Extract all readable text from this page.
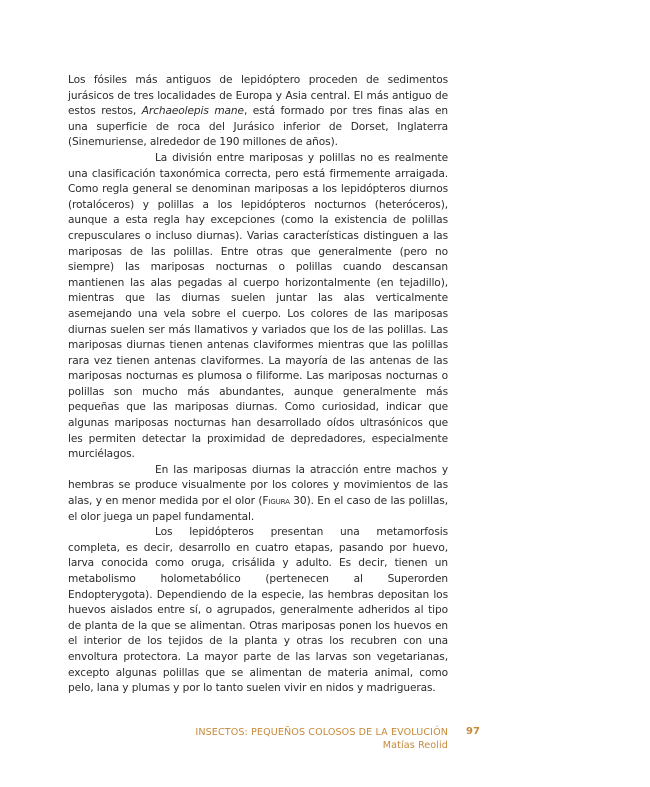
Los fósiles más antiguos de lepidóptero proceden de sedimentos jurásicos de tres localidades de Europa y Asia central. El más antiguo de estos restos, Archaeolepis mane, está formado por tres finas alas en una superficie de roca del Jurásico inferior de Dorset, Inglaterra (Sinemuriense, alrededor de 190 millones de años).

La división entre mariposas y polillas no es realmente una clasificación taxonómica correcta, pero está firmemente arraigada. Como regla general se denominan mariposas a los lepidópteros diurnos (rotalóceros) y polillas a los lepidópteros nocturnos (heteróceros), aunque a esta regla hay excepciones (como la existencia de polillas crepusculares o incluso diurnas). Varias características distinguen a las mariposas de las polillas. Entre otras que generalmente (pero no siempre) las mariposas nocturnas o polillas cuando descansan mantienen las alas pegadas al cuerpo horizontalmente (en tejadillo), mientras que las diurnas suelen juntar las alas verticalmente asemejando una vela sobre el cuerpo. Los colores de las mariposas diurnas suelen ser más llamativos y variados que los de las polillas. Las mariposas diurnas tienen antenas claviformes mientras que las polillas rara vez tienen antenas claviformes. La mayoría de las antenas de las mariposas nocturnas es plumosa o filiforme. Las mariposas nocturnas o polillas son mucho más abundantes, aunque generalmente más pequeñas que las mariposas diurnas. Como curiosidad, indicar que algunas mariposas nocturnas han desarrollado oídos ultrasónicos que les permiten detectar la proximidad de depredadores, especialmente murciélagos.

En las mariposas diurnas la atracción entre machos y hembras se produce visualmente por los colores y movimientos de las alas, y en menor medida por el olor (Figura 30). En el caso de las polillas, el olor juega un papel fundamental.

Los lepidópteros presentan una metamorfosis completa, es decir, desarrollo en cuatro etapas, pasando por huevo, larva conocida como oruga, crisálida y adulto. Es decir, tienen un metabolismo holometabólico (pertenecen al Superorden Endopterygota). Dependiendo de la especie, las hembras depositan los huevos aislados entre sí, o agrupados, generalmente adheridos al tipo de planta de la que se alimentan. Otras mariposas ponen los huevos en el interior de los tejidos de la planta y otras los recubren con una envoltura protectora. La mayor parte de las larvas son vegetarianas, excepto algunas polillas que se alimentan de materia animal, como pelo, lana y plumas y por lo tanto suelen vivir en nidos y madrigueras.

INSECTOS: PEQUEÑOS COLOSOS DE LA EVOLUCIÓN
Matías Reolid
97
